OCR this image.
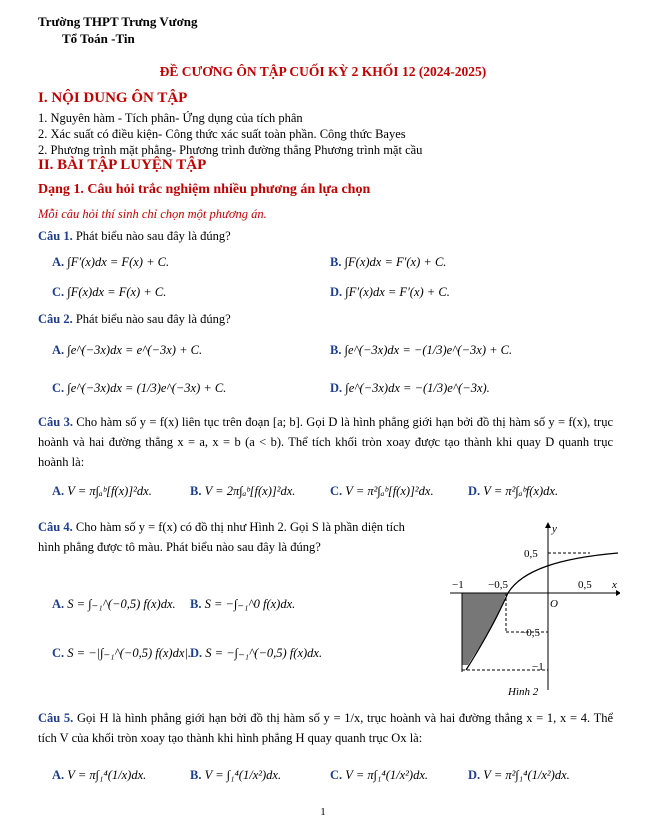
Trường THPT Trưng Vương
Tổ Toán -Tin
ĐỀ CƯƠNG ÔN TẬP CUỐI KỲ 2 KHỐI 12 (2024-2025)
I. NỘI DUNG ÔN TẬP
1. Nguyên hàm - Tích phân- Ứng dụng của tích phân
2. Xác suất có điều kiện- Công thức xác suất toàn phần. Công thức Bayes
2. Phương trình mặt phẳng- Phương trình đường thẳng Phương trình mặt cầu
II. BÀI TẬP LUYỆN TẬP
Dạng 1. Câu hỏi trắc nghiệm nhiều phương án lựa chọn
Mỗi câu hỏi thí sinh chỉ chọn một phương án.
Câu 1. Phát biểu nào sau đây là đúng?
A. ∫F′(x)dx = F(x) + C.	B. ∫F(x)dx = F′(x) + C.
C. ∫F(x)dx = F(x) + C.	D. ∫F′(x)dx = F′(x) + C.
Câu 2. Phát biểu nào sau đây là đúng?
A. ∫e^(−3x)dx = e^(−3x) + C.	B. ∫e^(−3x)dx = −(1/3)e^(−3x) + C.
C. ∫e^(−3x)dx = (1/3)e^(−3x) + C.	D. ∫e^(−3x)dx = −(1/3)e^(−3x).
Câu 3. Cho hàm số y = f(x) liên tục trên đoạn [a; b]. Gọi D là hình phẳng giới hạn bởi đồ thị hàm số y = f(x), trục hoành và hai đường thẳng x = a, x = b (a < b). Thể tích khối tròn xoay được tạo thành khi quay D quanh trục hoành là:
A. V = π∫ₐᵇ[f(x)]²dx.	B. V = 2π∫ₐᵇ[f(x)]²dx.	C. V = π²∫ₐᵇ[f(x)]²dx.	D. V = π²∫ₐᵇf(x)dx.
Câu 4. Cho hàm số y = f(x) có đồ thị như Hình 2. Gọi S là phần diện tích
hình phẳng được tô màu. Phát biểu nào sau đây là đúng?
A. S = ∫₋₁^(−0,5) f(x)dx. B. S = −∫₋₁^0 f(x)dx.
C. S = −|∫₋₁^(−0,5) f(x)dx|. D. S = −∫₋₁^(−0,5) f(x)dx.
y
x
O
0,5
−1 −0,5	0,5
−0,5
−1
Hình 2
Câu 5. Gọi H là hình phẳng giới hạn bởi đồ thị hàm số y = 1/x, trục hoành và hai đường thẳng x = 1, x = 4. Thể tích V của khối tròn xoay tạo thành khi hình phẳng H quay quanh trục Ox là:
A. V = π∫₁⁴(1/x)dx.	B. V = ∫₁⁴(1/x²)dx.	C. V = π∫₁⁴(1/x²)dx.	D. V = π²∫₁⁴(1/x²)dx.
1
